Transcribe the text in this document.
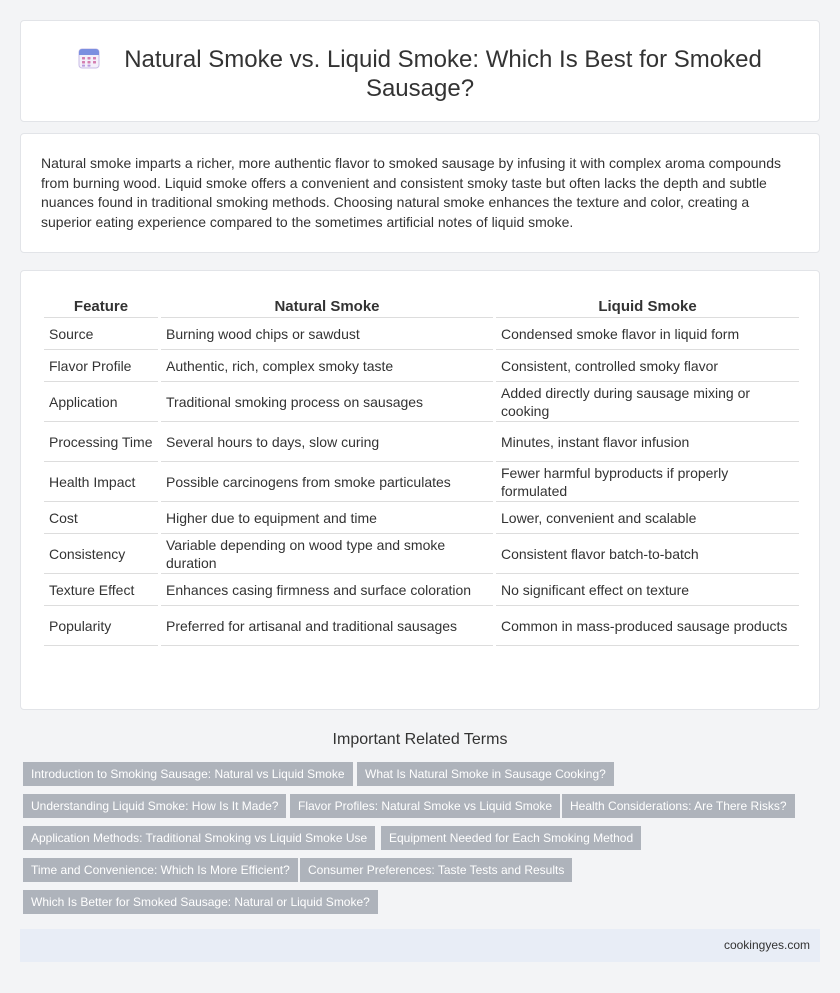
Natural Smoke vs. Liquid Smoke: Which Is Best for Smoked
Sausage?

Natural smoke imparts a richer, more authentic flavor to smoked sausage by infusing it with complex aroma compounds from burning wood. Liquid smoke offers a convenient and consistent smoky taste but often lacks the depth and subtle nuances found in traditional smoking methods. Choosing natural smoke enhances the texture and color, creating a superior eating experience compared to the sometimes artificial notes of liquid smoke.

Feature	Natural Smoke	Liquid Smoke
Source	Burning wood chips or sawdust	Condensed smoke flavor in liquid form
Flavor Profile	Authentic, rich, complex smoky taste	Consistent, controlled smoky flavor
Application	Traditional smoking process on sausages	Added directly during sausage mixing or cooking
Processing Time	Several hours to days, slow curing	Minutes, instant flavor infusion
Health Impact	Possible carcinogens from smoke particulates	Fewer harmful byproducts if properly formulated
Cost	Higher due to equipment and time	Lower, convenient and scalable
Consistency	Variable depending on wood type and smoke duration	Consistent flavor batch-to-batch
Texture Effect	Enhances casing firmness and surface coloration	No significant effect on texture
Popularity	Preferred for artisanal and traditional sausages	Common in mass-produced sausage products
Important Related Terms
Introduction to Smoking Sausage: Natural vs Liquid Smoke	What Is Natural Smoke in Sausage Cooking?
Understanding Liquid Smoke: How Is It Made?	Flavor Profiles: Natural Smoke vs Liquid Smoke	Health Considerations: Are There Risks?
Application Methods: Traditional Smoking vs Liquid Smoke Use	Equipment Needed for Each Smoking Method
Time and Convenience: Which Is More Efficient?	Consumer Preferences: Taste Tests and Results
Which Is Better for Smoked Sausage: Natural or Liquid Smoke?
cookingyes.com
